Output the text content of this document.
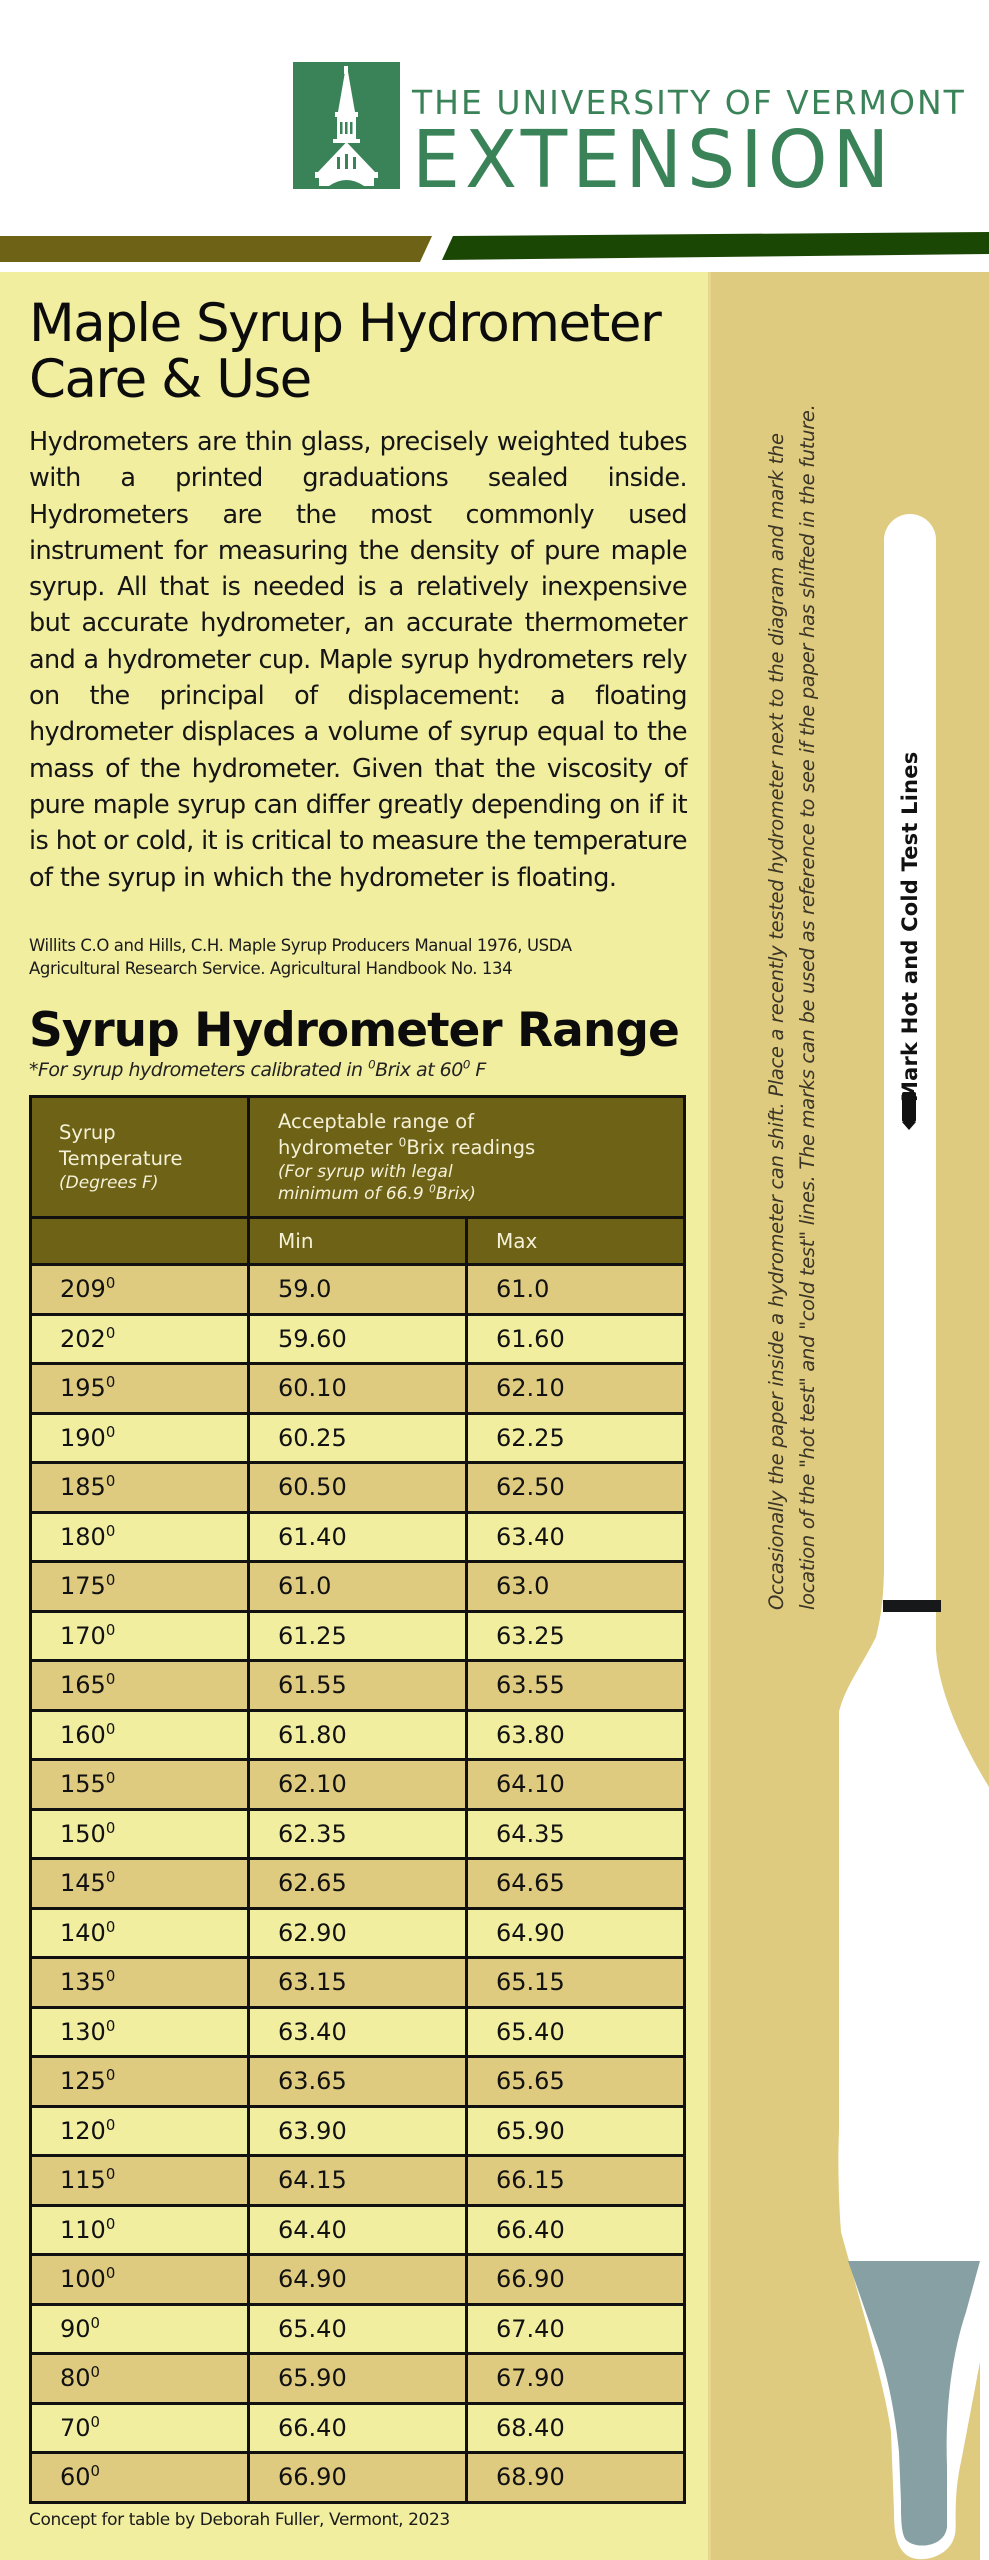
THE UNIVERSITY OF VERMONT
EXTENSION
Maple Syrup Hydrometer Care & Use

Hydrometers are thin glass, precisely weighted tubes with a printed graduations sealed inside. Hydrometers are the most commonly used instrument for measuring the density of pure maple syrup. All that is needed is a relatively inexpensive but accurate hydrometer, an accurate thermometer and a hydrometer cup. Maple syrup hydrometers rely on the principal of displacement: a floating hydrometer displaces a volume of syrup equal to the mass of the hydrometer. Given that the viscosity of pure maple syrup can differ greatly depending on if it is hot or cold, it is critical to measure the temperature of the syrup in which the hydrometer is floating.

Willits C.O and Hills, C.H. Maple Syrup Producers Manual 1976, USDA
Agricultural Research Service. Agricultural Handbook No. 134
Syrup Hydrometer Range
*For syrup hydrometers calibrated in $^0$Brix at $60^0$ F
Syrup
Temperature
(Degrees F)	Acceptable range of
hydrometer $^0$Brix readings
(For syrup with legal
minimum of 66.9 $^0$Brix)	

	Min	Max
$209^0$	59.0	61.0
$202^0$	59.60	61.60
$195^0$	60.10	62.10
$190^0$	60.25	62.25
$185^0$	60.50	62.50
$180^0$	61.40	63.40
$175^0$	61.0	63.0
$170^0$	61.25	63.25
$165^0$	61.55	63.55
$160^0$	61.80	63.80
$155^0$	62.10	64.10
$150^0$	62.35	64.35
$145^0$	62.65	64.65
$140^0$	62.90	64.90
$135^0$	63.15	65.15
$130^0$	63.40	65.40
$125^0$	63.65	65.65
$120^0$	63.90	65.90
$115^0$	64.15	66.15
$110^0$	64.40	66.40
$100^0$	64.90	66.90
$90^0$	65.40	67.40
$80^0$	65.90	67.90
$70^0$	66.40	68.40
$60^0$	66.90	68.90
Concept for table by Deborah Fuller, Vermont, 2023
Occasionally the paper inside a hydrometer can shift. Place a recently tested hydrometer next to the diagram and mark the location of the "hot test" and "cold test" lines. The marks can be used as reference to see if the paper has shifted in the future.	Mark Hot and Cold Test Lines
